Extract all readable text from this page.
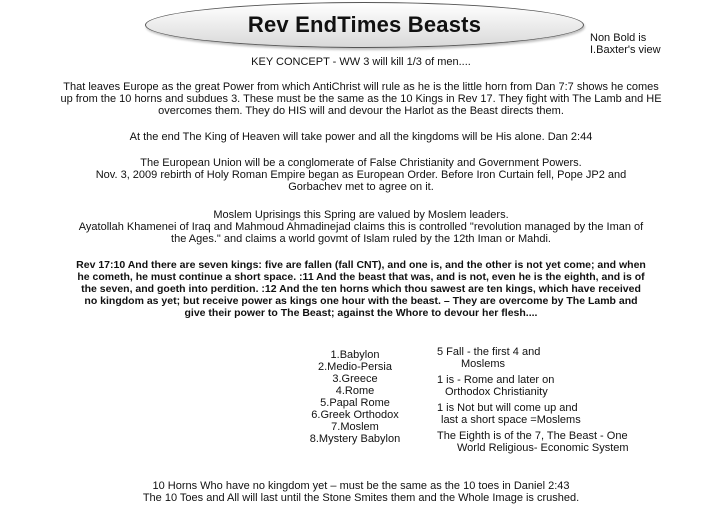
Rev EndTimes Beasts
Non Bold is
I.Baxter's view
KEY CONCEPT - WW 3 will kill 1/3 of men....
That leaves Europe as the great Power from which AntiChrist will rule as he is the little horn from Dan 7:7 shows he comes
up from the 10 horns and subdues 3. These must be the same as the 10 Kings in Rev 17. They fight with The Lamb and HE
overcomes them. They do HIS will and devour the Harlot as the Beast directs them.
At the end The King of Heaven will take power and all the kingdoms will be His alone. Dan 2:44
The European Union will be a conglomerate of False Christianity and Government Powers.
Nov. 3, 2009 rebirth of Holy Roman Empire began as European Order. Before Iron Curtain fell, Pope JP2 and
Gorbachev met to agree on it.
Moslem Uprisings this Spring are valued by Moslem leaders.
Ayatollah Khamenei of Iraq and Mahmoud Ahmadinejad claims this is controlled "revolution managed by the Iman of
the Ages." and claims a world govmt of Islam ruled by the 12th Iman or Mahdi.
Rev 17:10 And there are seven kings: five are fallen (fall CNT), and one is, and the other is not yet come; and when
he cometh, he must continue a short space. :11 And the beast that was, and is not, even he is the eighth, and is of
the seven, and goeth into perdition. :12 And the ten horns which thou sawest are ten kings, which have received
no kingdom as yet; but receive power as kings one hour with the beast. – They are overcome by The Lamb and
give their power to The Beast; against the Whore to devour her flesh....
1.Babylon
2.Medio-Persia
3.Greece
4.Rome
5.Papal Rome
6.Greek Orthodox
7.Moslem
8.Mystery Babylon
5 Fall - the first 4 and
Moslems
1 is - Rome and later on
Orthodox Christianity
1 is Not but will come up and
last a short space =Moslems
The Eighth is of the 7, The Beast - One
World Religious- Economic System
10 Horns Who have no kingdom yet – must be the same as the 10 toes in Daniel 2:43
The 10 Toes and All will last until the Stone Smites them and the Whole Image is crushed.
